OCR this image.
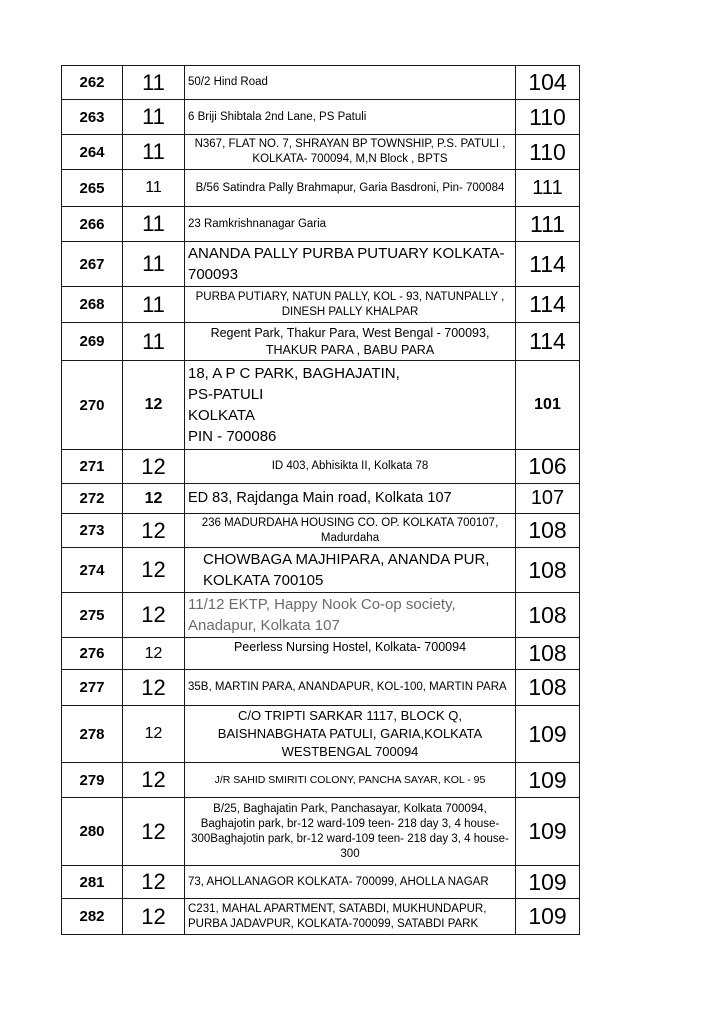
262	11	50/2 Hind Road	104
263	11	6 Briji Shibtala 2nd Lane, PS Patuli	110
264	11	N367, FLAT NO. 7, SHRAYAN BP TOWNSHIP, P.S. PATULI , KOLKATA- 700094, M,N Block , BPTS	110
265	11	B/56 Satindra Pally Brahmapur, Garia Basdroni, Pin- 700084	111
266	11	23 Ramkrishnanagar Garia	111
267	11	ANANDA PALLY PURBA PUTUARY KOLKATA-700093	114
268	11	PURBA PUTIARY, NATUN PALLY, KOL - 93, NATUNPALLY , DINESH PALLY KHALPAR	114
269	11	Regent Park, Thakur Para, West Bengal - 700093, THAKUR PARA , BABU PARA	114
270	12	18, A P C PARK, BAGHAJATIN,
PS-PATULI
KOLKATA
PIN - 700086	101
271	12	ID 403, Abhisikta II, Kolkata 78	106
272	12	ED 83, Rajdanga Main road, Kolkata 107	107
273	12	236 MADURDAHA HOUSING CO. OP. KOLKATA 700107, Madurdaha	108
274	12	CHOWBAGA MAJHIPARA, ANANDA PUR, KOLKATA 700105	108
275	12	11/12 EKTP, Happy Nook Co-op society, Anadapur, Kolkata 107	108
276	12	Peerless Nursing Hostel, Kolkata- 700094	108
277	12	35B, MARTIN PARA, ANANDAPUR, KOL-100, MARTIN PARA	108
278	12	C/O TRIPTI SARKAR 1117, BLOCK Q, BAISHNABGHATA PATULI, GARIA,KOLKATA WESTBENGAL 700094	109
279	12	J/R SAHID SMIRITI COLONY, PANCHA SAYAR, KOL - 95	109
280	12	B/25, Baghajatin Park, Panchasayar, Kolkata 700094, Baghajotin park, br-12 ward-109 teen- 218 day 3, 4 house-300Baghajotin park, br-12 ward-109 teen- 218 day 3, 4 house-300	109
281	12	73, AHOLLANAGOR KOLKATA- 700099, AHOLLA NAGAR	109
282	12	C231, MAHAL APARTMENT, SATABDI, MUKHUNDAPUR, PURBA JADAVPUR, KOLKATA-700099, SATABDI PARK	109
